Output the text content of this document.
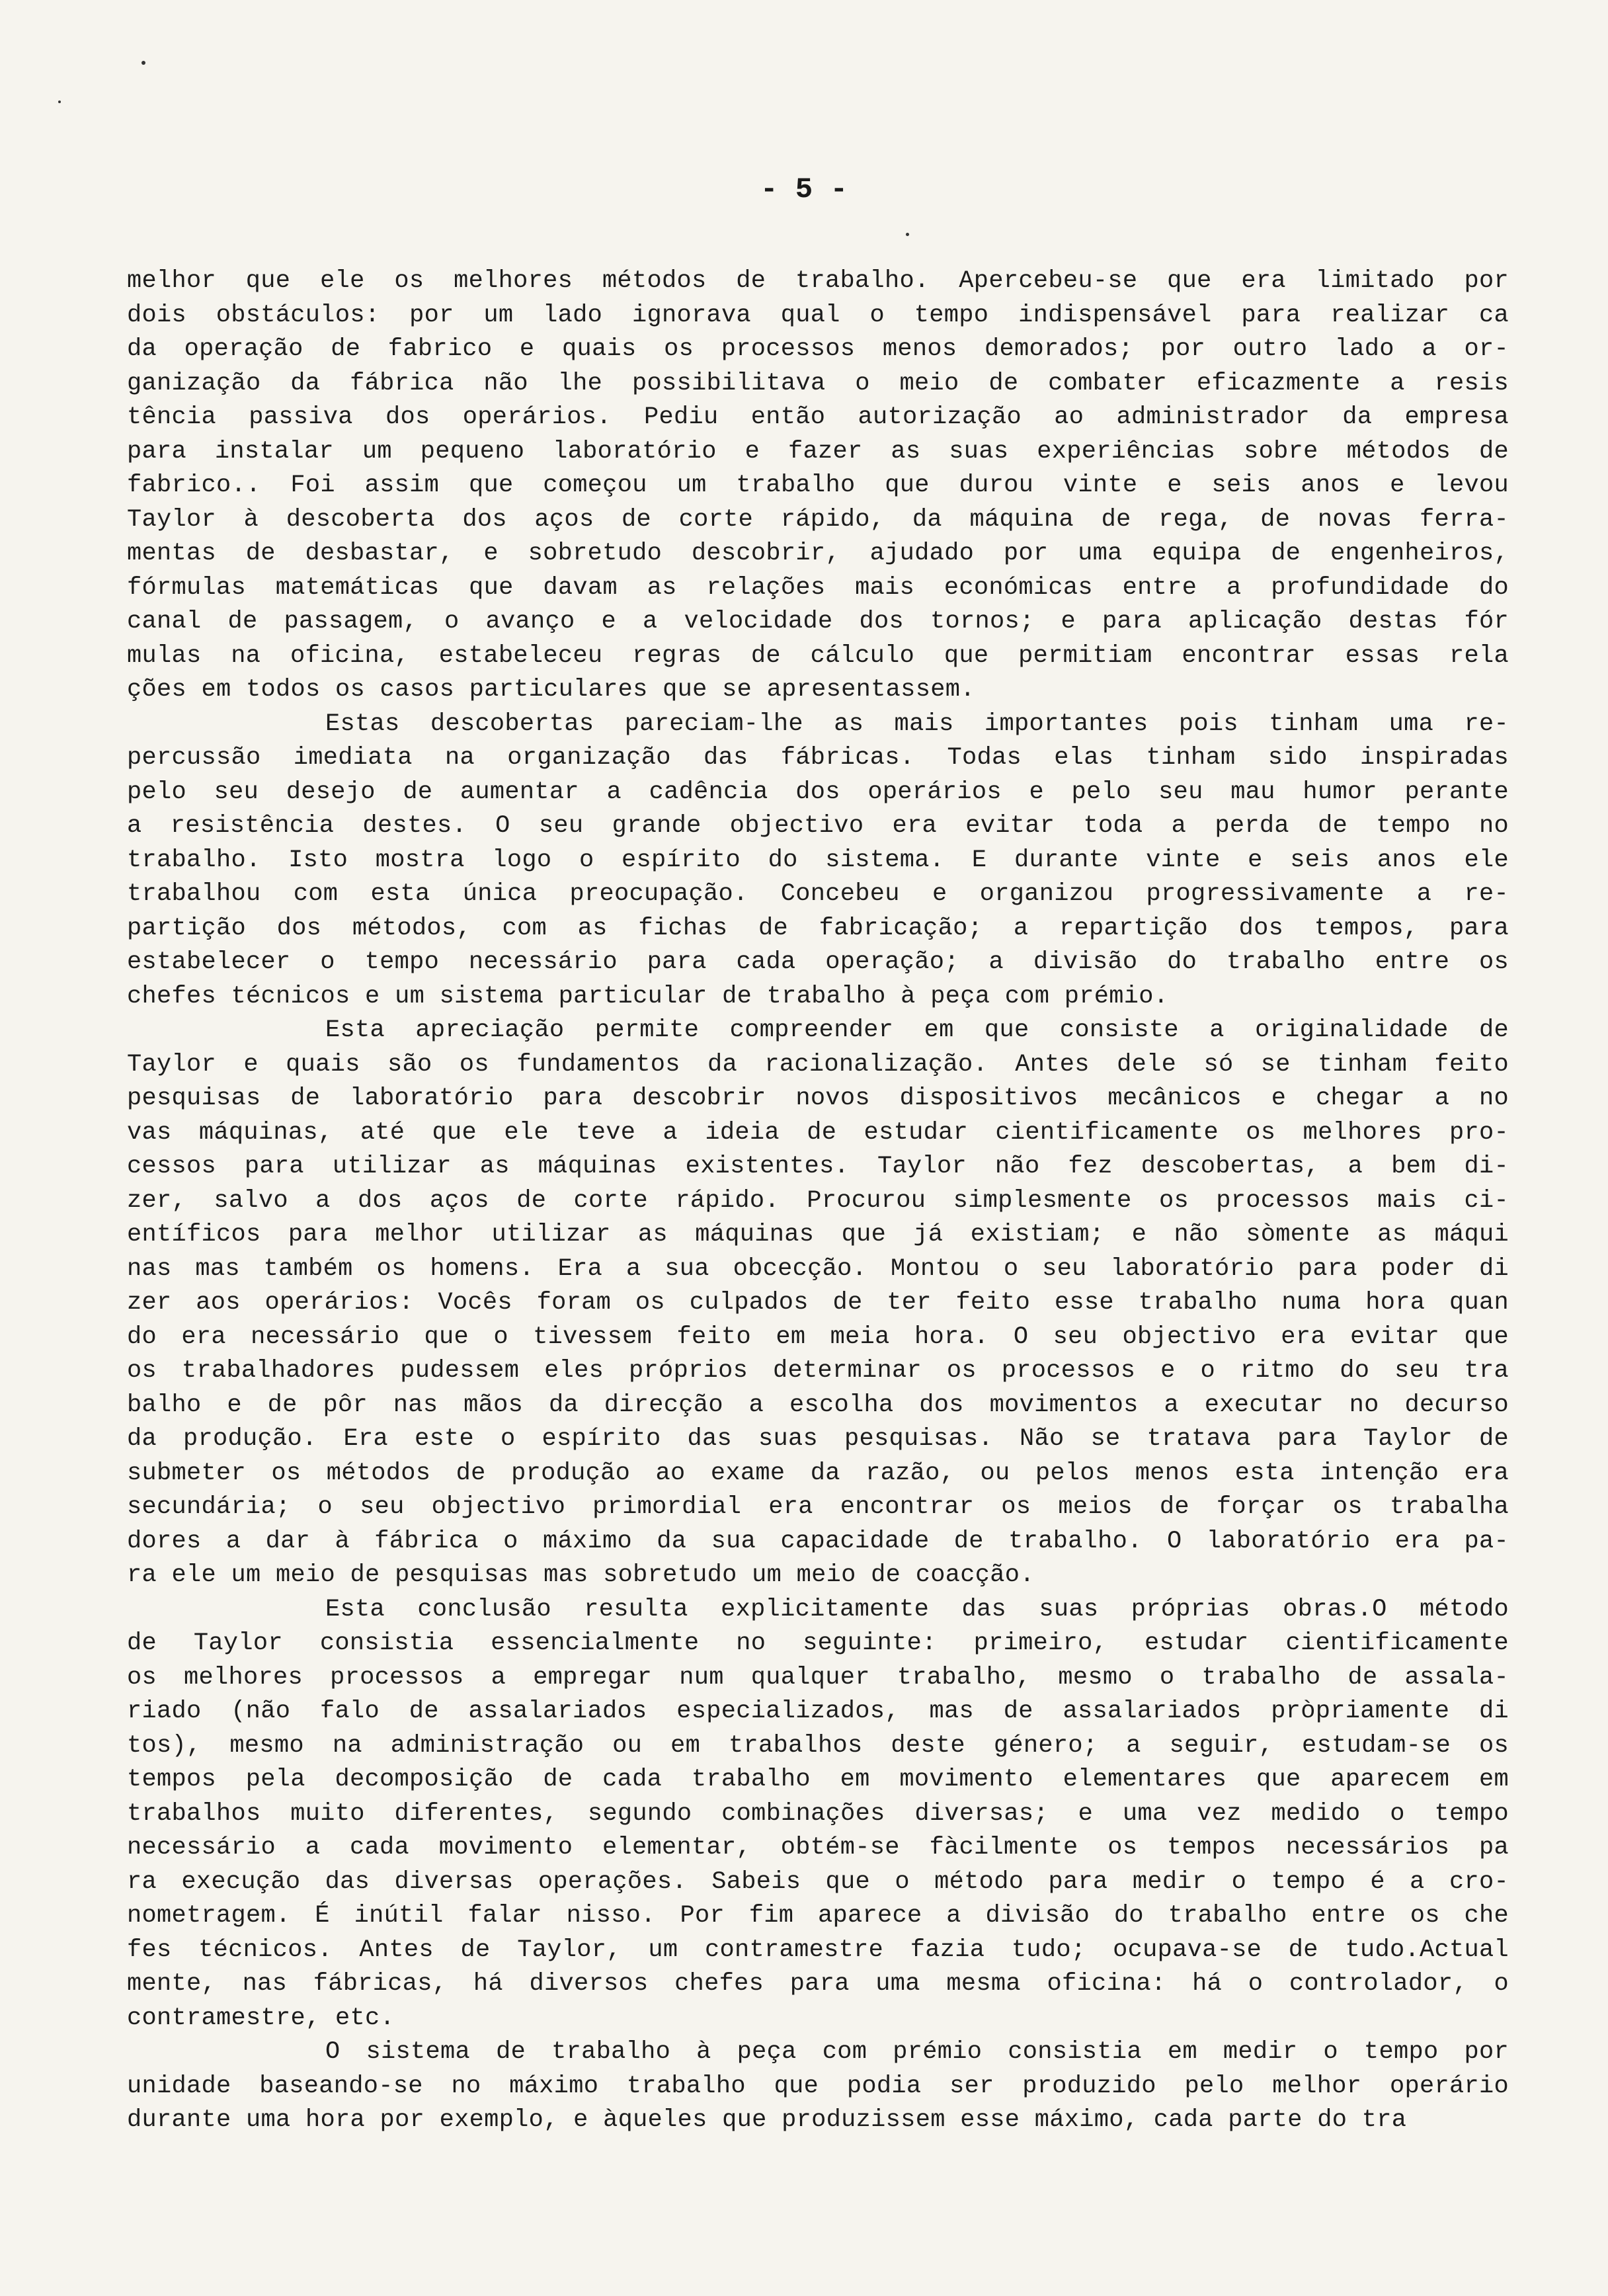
- 5 -
melhor que ele os melhores métodos de trabalho. Apercebeu-se que era limitado por
dois obstáculos: por um lado ignorava qual o tempo indispensável para realizar ca
da operação de fabrico e quais os processos menos demorados; por outro lado a or-
ganização da fábrica não lhe possibilitava o meio de combater eficazmente a resis
tência passiva dos operários. Pediu então autorização ao administrador da empresa
para instalar um pequeno laboratório e fazer as suas experiências sobre métodos de
fabrico.. Foi assim que começou um trabalho que durou vinte e seis anos e levou
Taylor à descoberta dos aços de corte rápido, da máquina de rega, de novas ferra-
mentas de desbastar, e sobretudo descobrir, ajudado por uma equipa de engenheiros,
fórmulas matemáticas que davam as relações mais económicas entre a profundidade do
canal de passagem, o avanço e a velocidade dos tornos; e para aplicação destas fór
mulas na oficina, estabeleceu regras de cálculo que permitiam encontrar essas rela
ções em todos os casos particulares que se apresentassem.
Estas descobertas pareciam-lhe as mais importantes pois tinham uma re-
percussão imediata na organização das fábricas. Todas elas tinham sido inspiradas
pelo seu desejo de aumentar a cadência dos operários e pelo seu mau humor perante
a resistência destes. O seu grande objectivo era evitar toda a perda de tempo no
trabalho. Isto mostra logo o espírito do sistema. E durante vinte e seis anos ele
trabalhou com esta única preocupação. Concebeu e organizou progressivamente a re-
partição dos métodos, com as fichas de fabricação; a repartição dos tempos, para
estabelecer o tempo necessário para cada operação; a divisão do trabalho entre os
chefes técnicos e um sistema particular de trabalho à peça com prémio.
Esta apreciação permite compreender em que consiste a originalidade de
Taylor e quais são os fundamentos da racionalização. Antes dele só se tinham feito
pesquisas de laboratório para descobrir novos dispositivos mecânicos e chegar a no
vas máquinas, até que ele teve a ideia de estudar cientificamente os melhores pro-
cessos para utilizar as máquinas existentes. Taylor não fez descobertas, a bem di-
zer, salvo a dos aços de corte rápido. Procurou simplesmente os processos mais ci-
entíficos para melhor utilizar as máquinas que já existiam; e não sòmente as máqui
nas mas também os homens. Era a sua obcecção. Montou o seu laboratório para poder di
zer aos operários: Vocês foram os culpados de ter feito esse trabalho numa hora quan
do era necessário que o tivessem feito em meia hora. O seu objectivo era evitar que
os trabalhadores pudessem eles próprios determinar os processos e o ritmo do seu tra
balho e de pôr nas mãos da direcção a escolha dos movimentos a executar no decurso
da produção. Era este o espírito das suas pesquisas. Não se tratava para Taylor de
submeter os métodos de produção ao exame da razão, ou pelos menos esta intenção era
secundária; o seu objectivo primordial era encontrar os meios de forçar os trabalha
dores a dar à fábrica o máximo da sua capacidade de trabalho. O laboratório era pa-
ra ele um meio de pesquisas mas sobretudo um meio de coacção.
Esta conclusão resulta explicitamente das suas próprias obras.O método
de Taylor consistia essencialmente no seguinte: primeiro, estudar cientificamente
os melhores processos a empregar num qualquer trabalho, mesmo o trabalho de assala-
riado (não falo de assalariados especializados, mas de assalariados pròpriamente di
tos), mesmo na administração ou em trabalhos deste género; a seguir, estudam-se os
tempos pela decomposição de cada trabalho em movimento elementares que aparecem em
trabalhos muito diferentes, segundo combinações diversas; e uma vez medido o tempo
necessário a cada movimento elementar, obtém-se fàcilmente os tempos necessários pa
ra execução das diversas operações. Sabeis que o método para medir o tempo é a cro-
nometragem. É inútil falar nisso. Por fim aparece a divisão do trabalho entre os che
fes técnicos. Antes de Taylor, um contramestre fazia tudo; ocupava-se de tudo.Actual
mente, nas fábricas, há diversos chefes para uma mesma oficina: há o controlador, o
contramestre, etc.
O sistema de trabalho à peça com prémio consistia em medir o tempo por
unidade baseando-se no máximo trabalho que podia ser produzido pelo melhor operário
durante uma hora por exemplo, e àqueles que produzissem esse máximo, cada parte do tra
